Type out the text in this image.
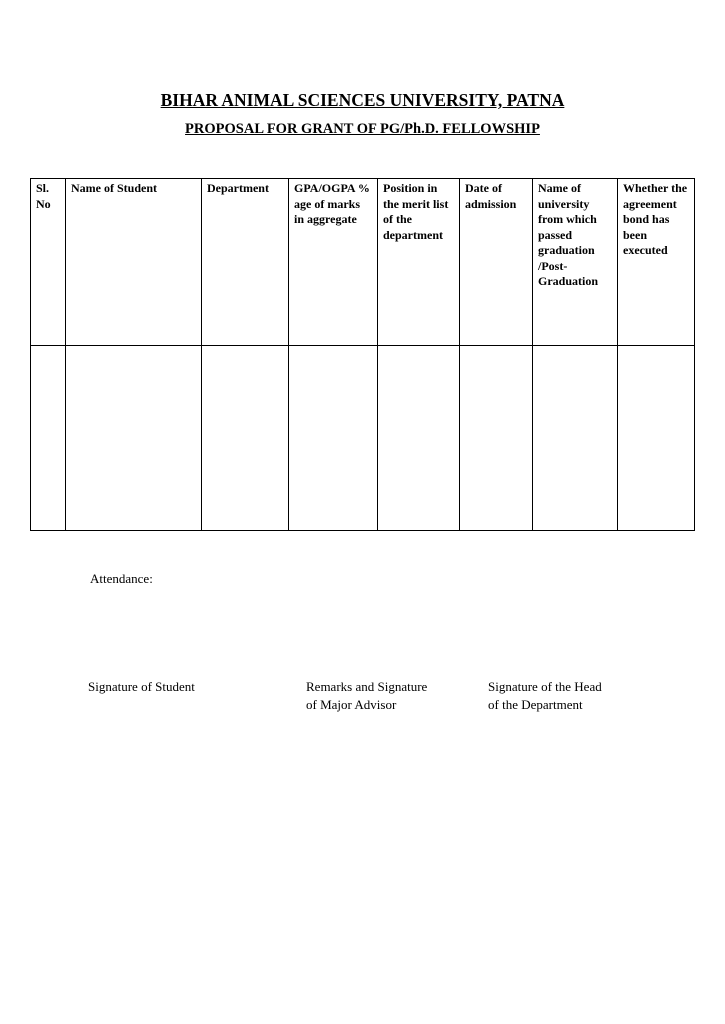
BIHAR ANIMAL SCIENCES UNIVERSITY, PATNA
PROPOSAL FOR GRANT OF PG/Ph.D. FELLOWSHIP
Sl. No	Name of Student	Department	GPA/OGPA % age of marks in aggregate	Position in the merit list of the department	Date of admission	Name of university from which passed graduation /Post-Graduation	Whether the agreement bond has been executed

Attendance:
Signature of Student	Remarks and Signature
of Major Advisor
Signature of the Head
of the Department
